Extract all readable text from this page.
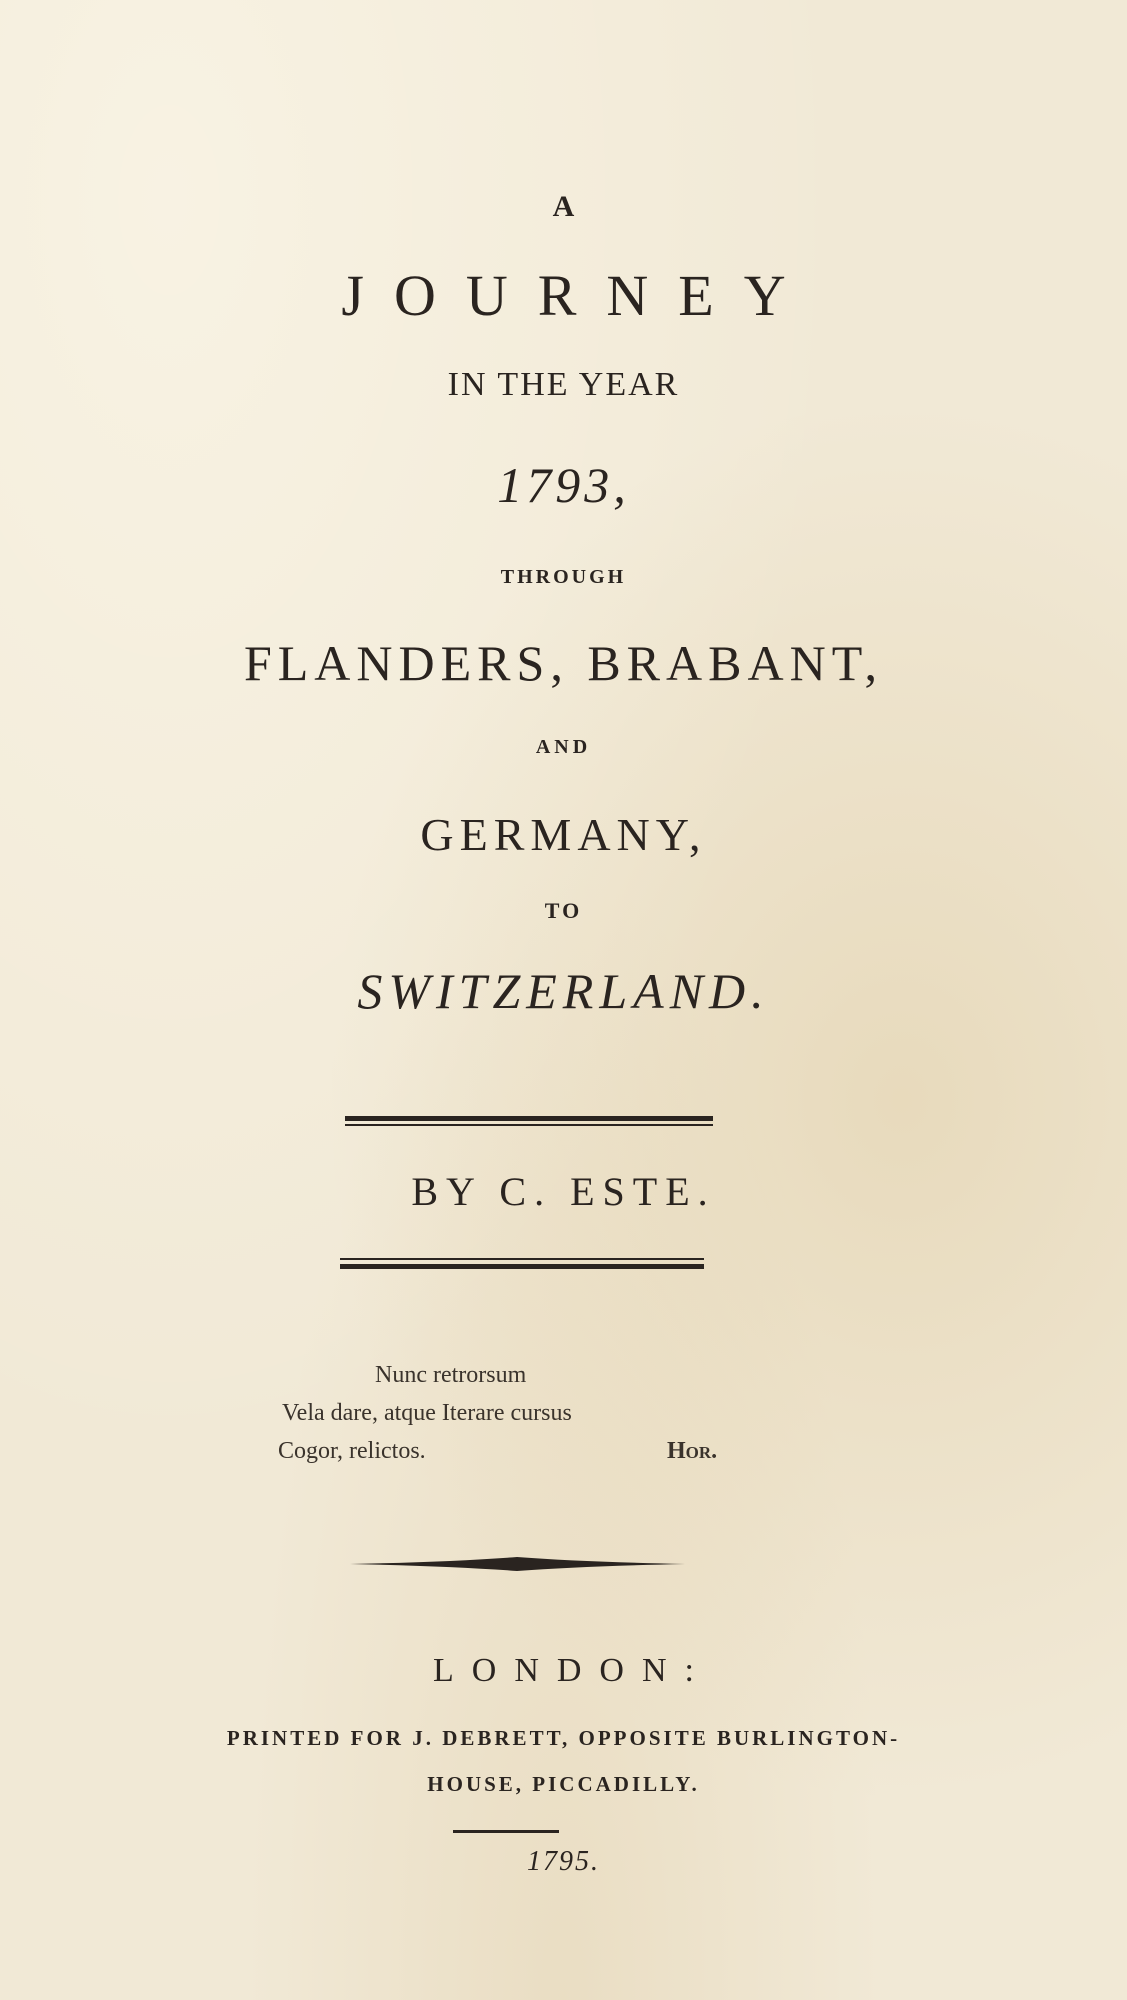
A
JOURNEY
IN THE YEAR
1793,
THROUGH
FLANDERS, BRABANT,
AND
GERMANY,
TO
SWITZERLAND.
BY C. ESTE.
Nunc retrorsum
Vela dare, atque Iterare cursus
Cogor, relictos.	Hor.
LONDON:
PRINTED FOR J. DEBRETT, OPPOSITE BURLINGTON-
HOUSE, PICCADILLY.
1795.
